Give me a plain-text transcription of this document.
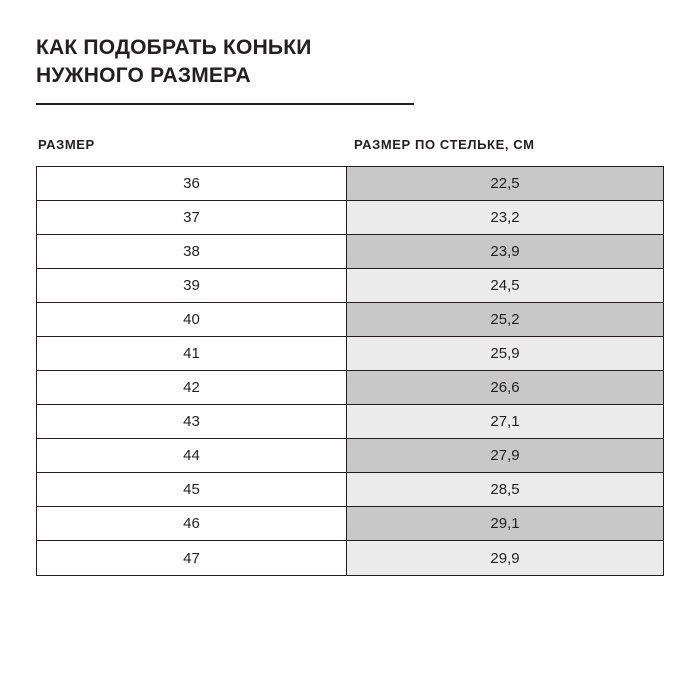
КАК ПОДОБРАТЬ КОНЬКИ
НУЖНОГО РАЗМЕРА
РАЗМЕР	РАЗМЕР ПО СТЕЛЬКЕ, СМ
36	22,5
37	23,2
38	23,9
39	24,5
40	25,2
41	25,9
42	26,6
43	27,1
44	27,9
45	28,5
46	29,1
47	29,9
